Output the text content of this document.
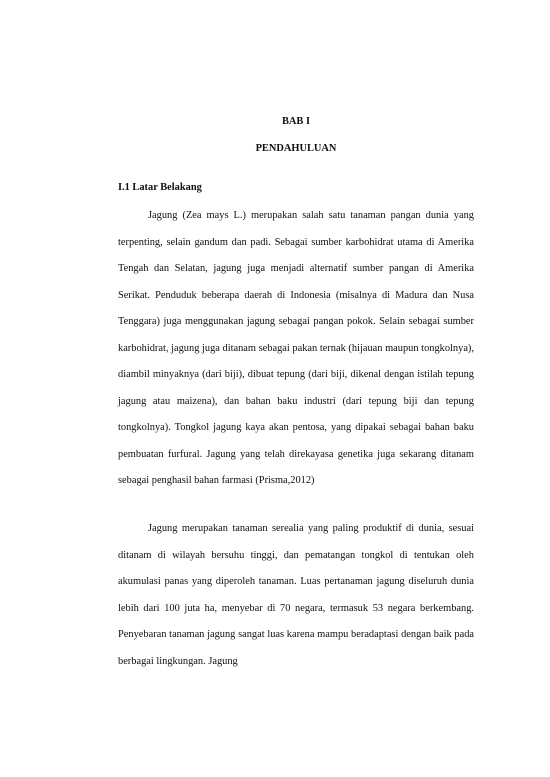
BAB I
PENDAHULUAN
I.1 Latar Belakang

Jagung (Zea mays L.) merupakan salah satu tanaman pangan dunia yang terpenting, selain gandum dan padi. Sebagai sumber karbohidrat utama di Amerika Tengah dan Selatan, jagung juga menjadi alternatif sumber pangan di Amerika Serikat. Penduduk beberapa daerah di Indonesia (misalnya di Madura dan Nusa Tenggara) juga menggunakan jagung sebagai pangan pokok. Selain sebagai sumber karbohidrat, jagung juga ditanam sebagai pakan ternak (hijauan maupun tongkolnya), diambil minyaknya (dari biji), dibuat tepung (dari biji, dikenal dengan istilah tepung jagung atau maizena), dan bahan baku industri (dari tepung biji dan tepung tongkolnya). Tongkol jagung kaya akan pentosa, yang dipakai sebagai bahan baku pembuatan furfural. Jagung yang telah direkayasa genetika juga sekarang ditanam sebagai penghasil bahan farmasi (Prisma,2012)

Jagung merupakan tanaman serealia yang paling produktif di dunia, sesuai ditanam di wilayah bersuhu tinggi, dan pematangan tongkol di tentukan oleh akumulasi panas yang diperoleh tanaman. Luas pertanaman jagung diseluruh dunia lebih dari 100 juta ha, menyebar di 70 negara, termasuk 53 negara berkembang. Penyebaran tanaman jagung sangat luas karena mampu beradaptasi dengan baik pada berbagai lingkungan. Jagung
